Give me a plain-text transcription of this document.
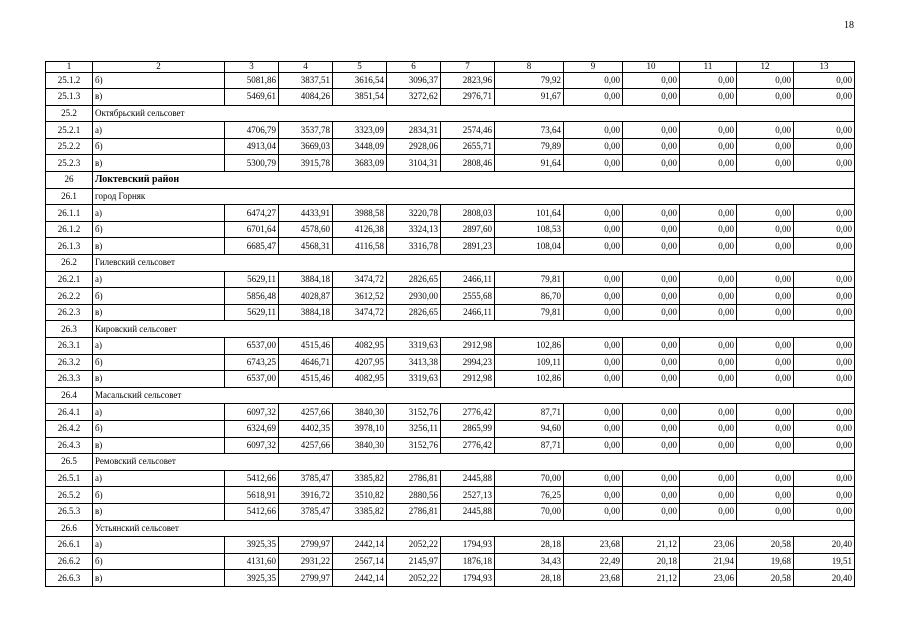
18
1	2	3	4	5	6	7	8	9	10	11	12	13
25.1.2	б)	5081,86	3837,51	3616,54	3096,37	2823,96	79,92	0,00	0,00	0,00	0,00	0,00
25.1.3	в)	5469,61	4084,26	3851,54	3272,62	2976,71	91,67	0,00	0,00	0,00	0,00	0,00
25.2	Октябрьский сельсовет											
25.2.1	а)	4706,79	3537,78	3323,09	2834,31	2574,46	73,64	0,00	0,00	0,00	0,00	0,00
25.2.2	б)	4913,04	3669,03	3448,09	2928,06	2655,71	79,89	0,00	0,00	0,00	0,00	0,00
25.2.3	в)	5300,79	3915,78	3683,09	3104,31	2808,46	91,64	0,00	0,00	0,00	0,00	0,00
26	Локтевский район											
26.1	город Горняк											
26.1.1	а)	6474,27	4433,91	3988,58	3220,78	2808,03	101,64	0,00	0,00	0,00	0,00	0,00
26.1.2	б)	6701,64	4578,60	4126,38	3324,13	2897,60	108,53	0,00	0,00	0,00	0,00	0,00
26.1.3	в)	6685,47	4568,31	4116,58	3316,78	2891,23	108,04	0,00	0,00	0,00	0,00	0,00
26.2	Гилевский сельсовет											
26.2.1	а)	5629,11	3884,18	3474,72	2826,65	2466,11	79,81	0,00	0,00	0,00	0,00	0,00
26.2.2	б)	5856,48	4028,87	3612,52	2930,00	2555,68	86,70	0,00	0,00	0,00	0,00	0,00
26.2.3	в)	5629,11	3884,18	3474,72	2826,65	2466,11	79,81	0,00	0,00	0,00	0,00	0,00
26.3	Кировский сельсовет											
26.3.1	а)	6537,00	4515,46	4082,95	3319,63	2912,98	102,86	0,00	0,00	0,00	0,00	0,00
26.3.2	б)	6743,25	4646,71	4207,95	3413,38	2994,23	109,11	0,00	0,00	0,00	0,00	0,00
26.3.3	в)	6537,00	4515,46	4082,95	3319,63	2912,98	102,86	0,00	0,00	0,00	0,00	0,00
26.4	Масальский сельсовет											
26.4.1	а)	6097,32	4257,66	3840,30	3152,76	2776,42	87,71	0,00	0,00	0,00	0,00	0,00
26.4.2	б)	6324,69	4402,35	3978,10	3256,11	2865,99	94,60	0,00	0,00	0,00	0,00	0,00
26.4.3	в)	6097,32	4257,66	3840,30	3152,76	2776,42	87,71	0,00	0,00	0,00	0,00	0,00
26.5	Ремовский сельсовет											
26.5.1	а)	5412,66	3785,47	3385,82	2786,81	2445,88	70,00	0,00	0,00	0,00	0,00	0,00
26.5.2	б)	5618,91	3916,72	3510,82	2880,56	2527,13	76,25	0,00	0,00	0,00	0,00	0,00
26.5.3	в)	5412,66	3785,47	3385,82	2786,81	2445,88	70,00	0,00	0,00	0,00	0,00	0,00
26.6	Устьянский сельсовет											
26.6.1	а)	3925,35	2799,97	2442,14	2052,22	1794,93	28,18	23,68	21,12	23,06	20,58	20,40
26.6.2	б)	4131,60	2931,22	2567,14	2145,97	1876,18	34,43	22,49	20,18	21,94	19,68	19,51
26.6.3	в)	3925,35	2799,97	2442,14	2052,22	1794,93	28,18	23,68	21,12	23,06	20,58	20,40
